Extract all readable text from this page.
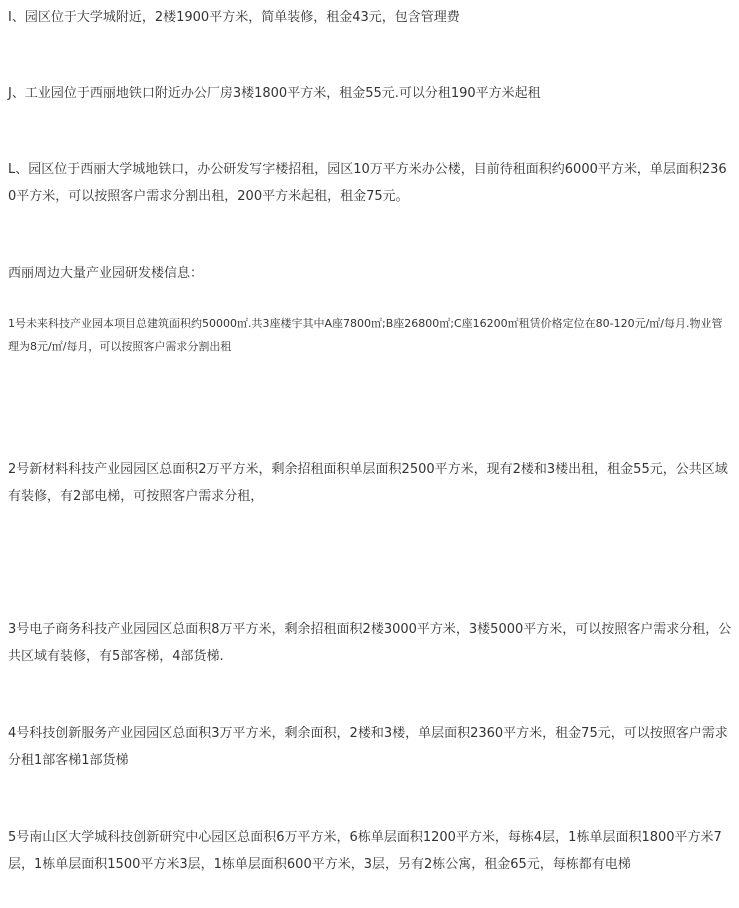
I、园区位于大学城附近，2楼1900平方米，简单装修，租金43元，包含管理费

J、工业园位于西丽地铁口附近办公厂房3楼1800平方米，租金55元.可以分租190平方米起租

L、园区位于西丽大学城地铁口，办公研发写字楼招租，园区10万平方米办公楼，目前待租面积约6000平方米，单层面积2360平方米，可以按照客户需求分割出租，200平方米起租，租金75元。

西丽周边大量产业园研发楼信息：

1号未来科技产业园本项目总建筑面积约50000㎡.共3座楼宇其中A座7800㎡;B座26800㎡;C座16200㎡租赁价格定位在80-120元/㎡/每月.物业管理为8元/㎡/每月，可以按照客户需求分割出租

2号新材料科技产业园园区总面积2万平方米，剩余招租面积单层面积2500平方米，现有2楼和3楼出租，租金55元，公共区域有装修，有2部电梯，可按照客户需求分租，

3号电子商务科技产业园园区总面积8万平方米，剩余招租面积2楼3000平方米，3楼5000平方米，可以按照客户需求分租，公共区域有装修，有5部客梯，4部货梯.

4号科技创新服务产业园园区总面积3万平方米，剩余面积，2楼和3楼，单层面积2360平方米，租金75元，可以按照客户需求分租1部客梯1部货梯

5号南山区大学城科技创新研究中心园区总面积6万平方米，6栋单层面积1200平方米，每栋4层，1栋单层面积1800平方米7层，1栋单层面积1500平方米3层，1栋单层面积600平方米，3层，另有2栋公寓，租金65元，每栋都有电梯
